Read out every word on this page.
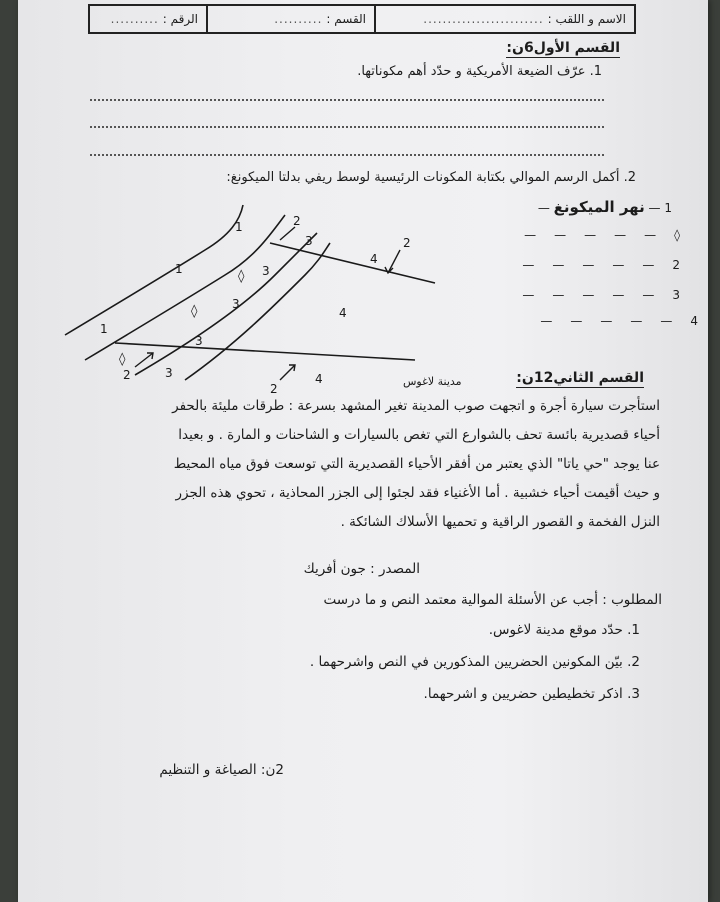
الاسم و اللقب :
.........................
القسم :
..........
الرقم :
..........
القسم الأول6ن:
1. عرّف الضيعة الأمريكية و حدّد أهم مكوناتها.
2. أكمل الرسم الموالي بكتابة المكونات الرئيسية لوسط ريفي بدلتا الميكونغ:
1
1
1
3
3
3
4
4
3	4
3
◊
◊
◊
2
2
2
2
مدينة لاغوس
1 — نهر الميكونغ —
◊—————
2—————
3—————
4—————
القسم الثاني12ن:

استأجرت سيارة أجرة و اتجهت صوب المدينة تغير المشهد بسرعة : طرقات مليئة بالحفر

أحياء قصديرية بائسة تحف بالشوارع التي تغص بالسيارات و الشاحنات و المارة . و بعيدا

عنا يوجد "حي ياتا" الذي يعتبر من أفقر الأحياء القصديرية التي توسعت فوق مياه المحيط

و حيث أقيمت أحياء خشبية . أما الأغنياء فقد لجئوا إلى الجزر المحاذية ، تحوي هذه الجزر

النزل الفخمة و القصور الراقية و تحميها الأسلاك الشائكة .

المصدر : جون أفريك
المطلوب : أجب عن الأسئلة الموالية معتمد النص و ما درست
1. حدّد موقع مدينة لاغوس.
2. بيّن المكونين الحضريين المذكورين في النص واشرحهما .
3. اذكر تخطيطين حضريين و اشرحهما.
2ن: الصياغة و التنظيم
